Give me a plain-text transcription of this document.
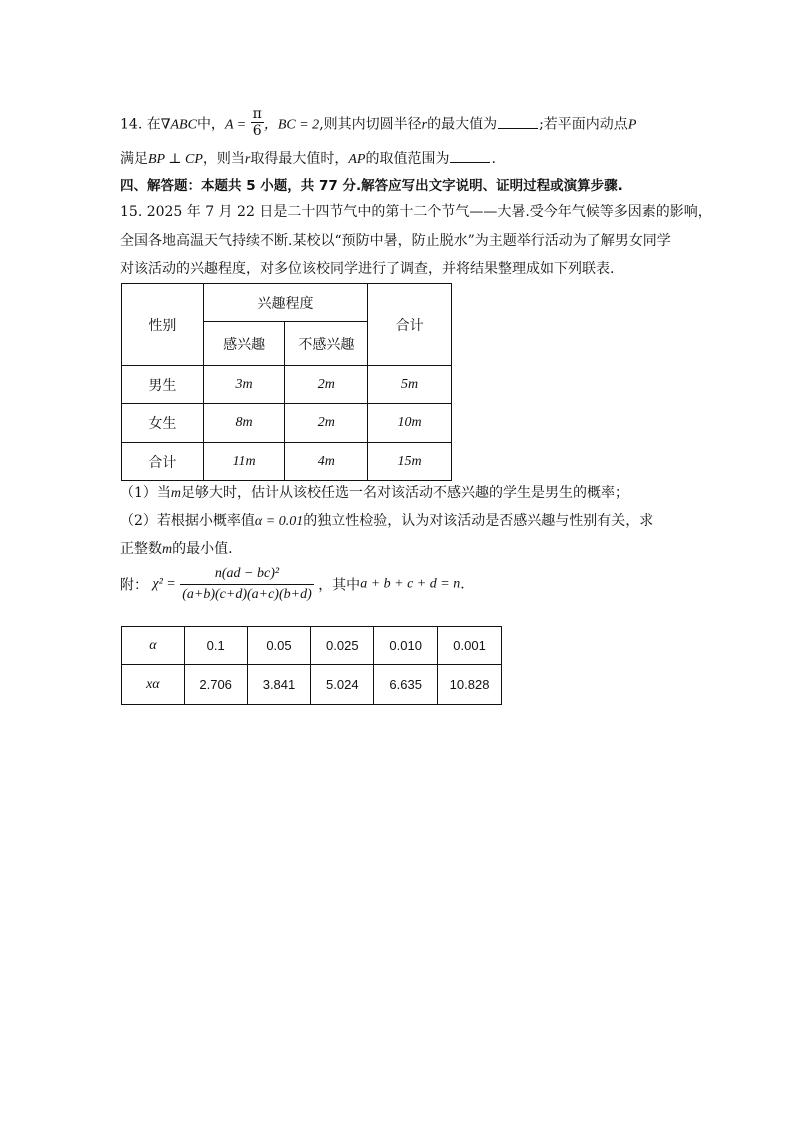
14. 在∇ABC中，$A = \frac{\pi}{6}$ ，BC = 2,则其内切圆半径r的最大值为	;若平面内动点P
满足BP ⊥ CP，则当r取得最大值时，AP的取值范围为	.
四、解答题：本题共 5 小题，共 77 分.解答应写出文字说明、证明过程或演算步骤.
15. 2025 年 7 月 22 日是二十四节气中的第十二个节气——大暑.受今年气候等多因素的影响，
全国各地高温天气持续不断.某校以“预防中暑，防止脱水”为主题举行活动为了解男女同学
对该活动的兴趣程度，对多位该校同学进行了调查，并将结果整理成如下列联表.
性别	兴趣程度		合计
	感兴趣	不感兴趣	
男生	3m	2m	5m
女生	8m	2m	10m
合计	11m	4m	15m
（1）当m足够大时，估计从该校任选一名对该活动不感兴趣的学生是男生的概率；
（2）若根据小概率值α = 0.01的独立性检验，认为对该活动是否感兴趣与性别有关，求
正整数m的最小值.
附： $\chi^2 = \frac{\text{n(ad − bc)²}}{(a+b)(c+d)(a+c)(b+d)}$ ，其中a + b + c + d = n.
α	0.1	0.05	0.025	0.010	0.001
xα	2.706	3.841	5.024	6.635	10.828
